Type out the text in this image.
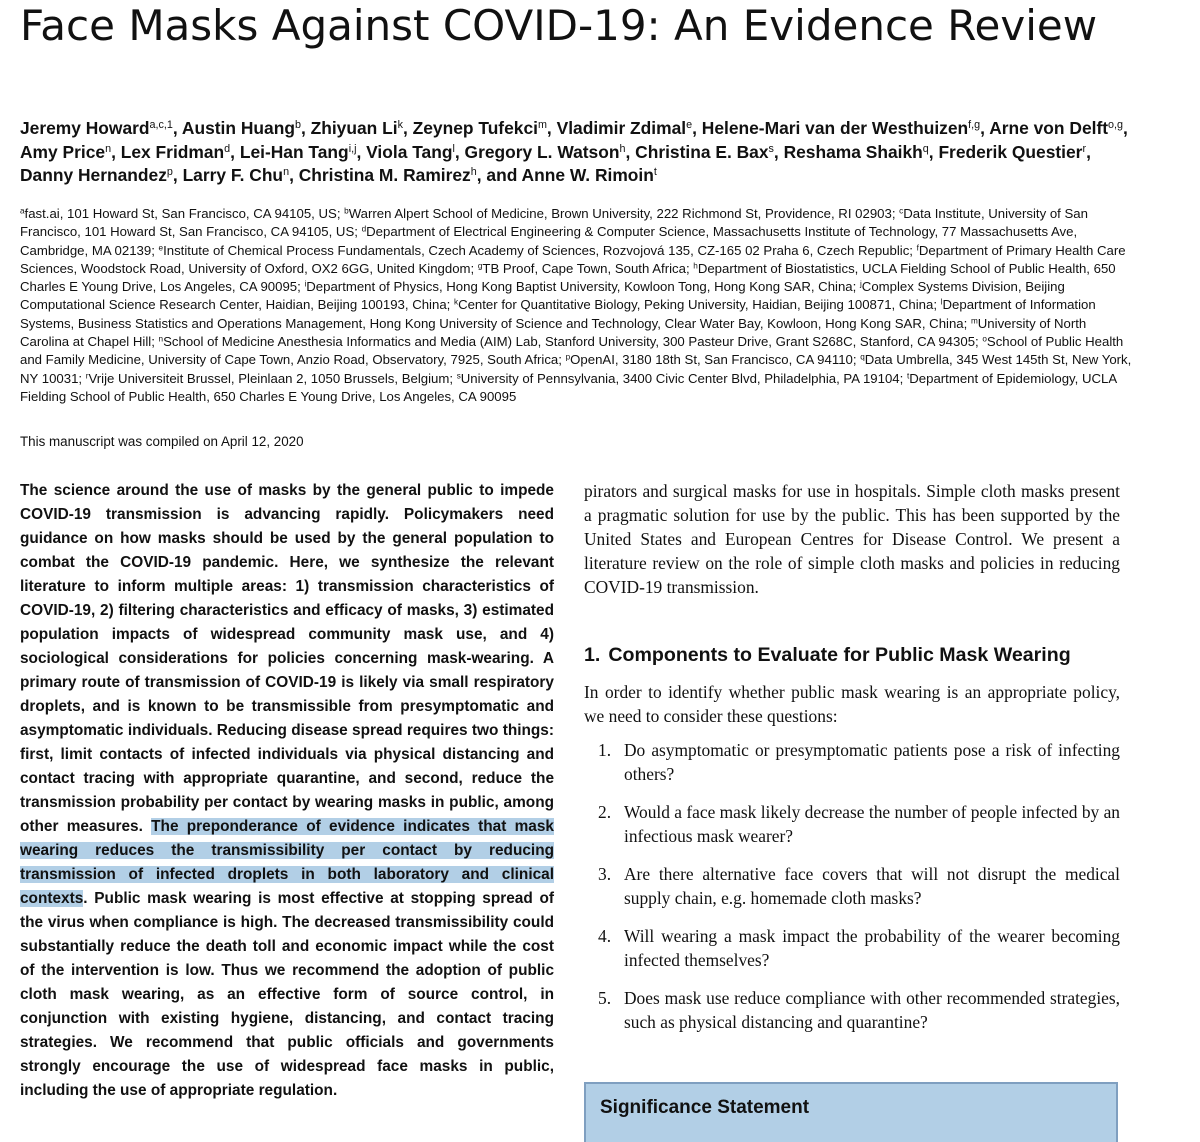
Face Masks Against COVID-19: An Evidence Review

Jeremy Howard$^{a,c,1}$, Austin Huang$^b$, Zhiyuan Li$^k$, Zeynep Tufekci$^m$, Vladimir Zdimal$^e$, Helene-Mari van der Westhuizen$^{f,g}$, Arne von Delft$^{o,g}$, Amy Price$^n$, Lex Fridman$^d$, Lei-Han Tang$^{i,j}$, Viola Tang$^l$, Gregory L. Watson$^h$, Christina E. Bax$^s$, Reshama Shaikh$^q$, Frederik Questier$^r$, Danny Hernandez$^p$, Larry F. Chu$^n$, Christina M. Ramirez$^h$, and Anne W. Rimoin$^t$

$^a$fast.ai, 101 Howard St, San Francisco, CA 94105, US; $^b$Warren Alpert School of Medicine, Brown University, 222 Richmond St, Providence, RI 02903; $^c$Data Institute, University of San Francisco, 101 Howard St, San Francisco, CA 94105, US; $^d$Department of Electrical Engineering & Computer Science, Massachusetts Institute of Technology, 77 Massachusetts Ave, Cambridge, MA 02139; $^e$Institute of Chemical Process Fundamentals, Czech Academy of Sciences, Rozvojová 135, CZ-165 02 Praha 6, Czech Republic; $^f$Department of Primary Health Care Sciences, Woodstock Road, University of Oxford, OX2 6GG, United Kingdom; $^g$TB Proof, Cape Town, South Africa; $^h$Department of Biostatistics, UCLA Fielding School of Public Health, 650 Charles E Young Drive, Los Angeles, CA 90095; $^i$Department of Physics, Hong Kong Baptist University, Kowloon Tong, Hong Kong SAR, China; $^j$Complex Systems Division, Beijing Computational Science Research Center, Haidian, Beijing 100193, China; $^k$Center for Quantitative Biology, Peking University, Haidian, Beijing 100871, China; $^l$Department of Information Systems, Business Statistics and Operations Management, Hong Kong University of Science and Technology, Clear Water Bay, Kowloon, Hong Kong SAR, China; $^m$University of North Carolina at Chapel Hill; $^n$School of Medicine Anesthesia Informatics and Media (AIM) Lab, Stanford University, 300 Pasteur Drive, Grant S268C, Stanford, CA 94305; $^o$School of Public Health and Family Medicine, University of Cape Town, Anzio Road, Observatory, 7925, South Africa; $^p$OpenAI, 3180 18th St, San Francisco, CA 94110; $^q$Data Umbrella, 345 West 145th St, New York, NY 10031; $^r$Vrije Universiteit Brussel, Pleinlaan 2, 1050 Brussels, Belgium; $^s$University of Pennsylvania, 3400 Civic Center Blvd, Philadelphia, PA 19104; $^t$Department of Epidemiology, UCLA Fielding School of Public Health, 650 Charles E Young Drive, Los Angeles, CA 90095

This manuscript was compiled on April 12, 2020

The science around the use of masks by the general public to impede COVID-19 transmission is advancing rapidly. Policymakers need guidance on how masks should be used by the general population to combat the COVID-19 pandemic. Here, we synthesize the relevant literature to inform multiple areas: 1) transmission characteristics of COVID-19, 2) filtering characteristics and efficacy of masks, 3) estimated population impacts of widespread community mask use, and 4) sociological considerations for policies concerning mask-wearing. A primary route of transmission of COVID-19 is likely via small respiratory droplets, and is known to be transmissible from presymptomatic and asymptomatic individuals. Reducing disease spread requires two things: first, limit contacts of infected individuals via physical distancing and contact tracing with appropriate quarantine, and second, reduce the transmission probability per contact by wearing masks in public, among other measures. The preponderance of evidence indicates that mask wearing reduces the transmissibility per contact by reducing transmission of infected droplets in both laboratory and clinical contexts. Public mask wearing is most effective at stopping spread of the virus when compliance is high. The decreased transmissibility could substantially reduce the death toll and economic impact while the cost of the intervention is low. Thus we recommend the adoption of public cloth mask wearing, as an effective form of source control, in conjunction with existing hygiene, distancing, and contact tracing strategies. We recommend that public officials and governments strongly encourage the use of widespread face masks in public, including the use of appropriate regulation.

pirators and surgical masks for use in hospitals. Simple cloth masks present a pragmatic solution for use by the public. This has been supported by the United States and European Centres for Disease Control. We present a literature review on the role of simple cloth masks and policies in reducing COVID-19 transmission.

1. Components to Evaluate for Public Mask Wearing

In order to identify whether public mask wearing is an appropriate policy, we need to consider these questions:

1. Do asymptomatic or presymptomatic patients pose a risk of infecting others?
2. Would a face mask likely decrease the number of people infected by an infectious mask wearer?
3. Are there alternative face covers that will not disrupt the medical supply chain, e.g. homemade cloth masks?
4. Will wearing a mask impact the probability of the wearer becoming infected themselves?
5. Does mask use reduce compliance with other recommended strategies, such as physical distancing and quarantine?
Significance Statement
